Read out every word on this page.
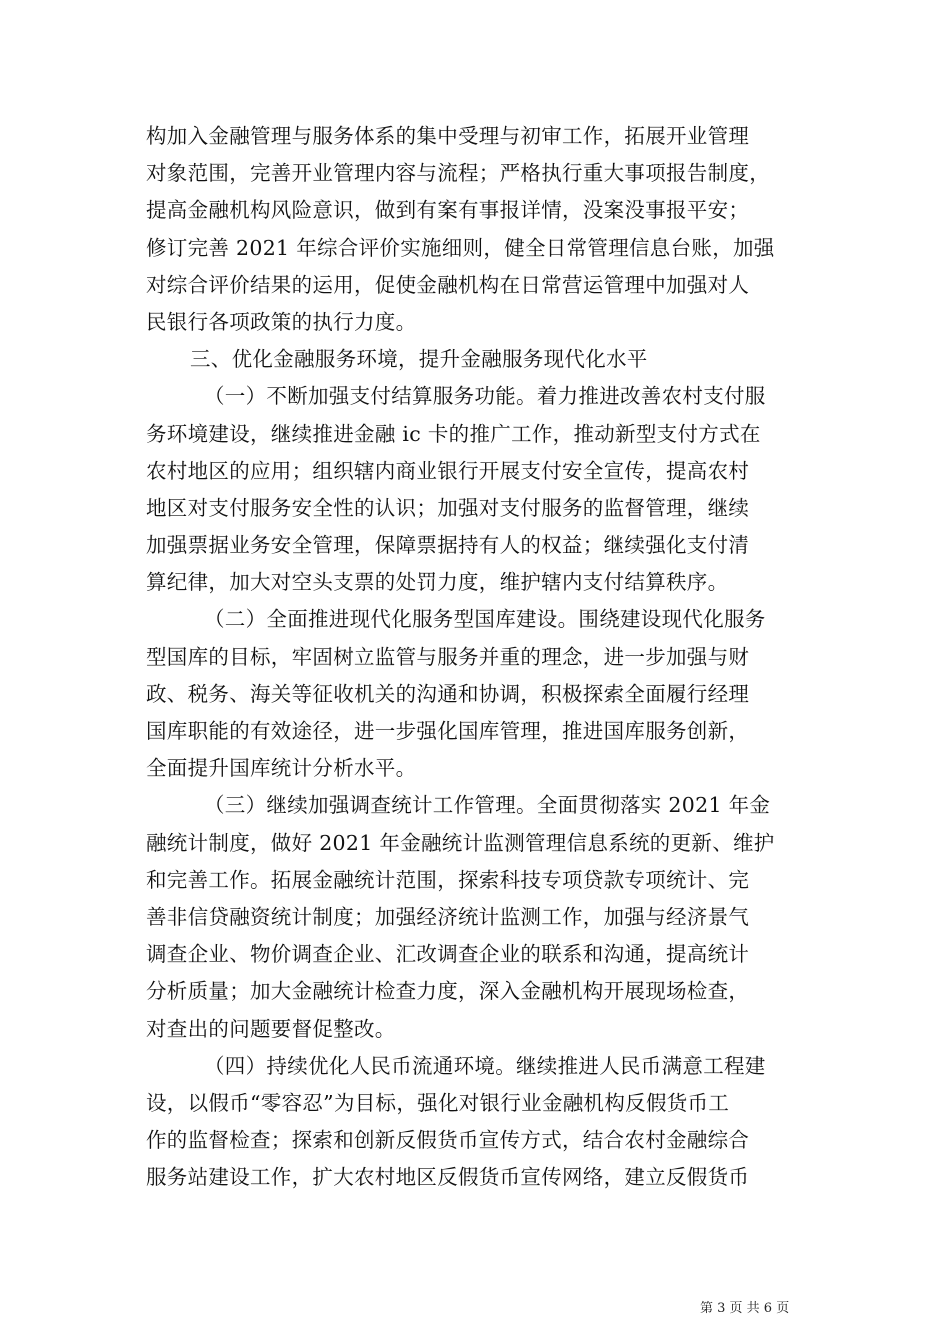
构加入金融管理与服务体系的集中受理与初审工作，拓展开业管理
对象范围，完善开业管理内容与流程；严格执行重大事项报告制度，
提高金融机构风险意识，做到有案有事报详情，没案没事报平安；
修订完善 2021 年综合评价实施细则，健全日常管理信息台账，加强
对综合评价结果的运用，促使金融机构在日常营运管理中加强对人
民银行各项政策的执行力度。
三、优化金融服务环境，提升金融服务现代化水平
（一）不断加强支付结算服务功能。着力推进改善农村支付服
务环境建设，继续推进金融 ic 卡的推广工作，推动新型支付方式在
农村地区的应用；组织辖内商业银行开展支付安全宣传，提高农村
地区对支付服务安全性的认识；加强对支付服务的监督管理，继续
加强票据业务安全管理，保障票据持有人的权益；继续强化支付清
算纪律，加大对空头支票的处罚力度，维护辖内支付结算秩序。
（二）全面推进现代化服务型国库建设。围绕建设现代化服务
型国库的目标，牢固树立监管与服务并重的理念，进一步加强与财
政、税务、海关等征收机关的沟通和协调，积极探索全面履行经理
国库职能的有效途径，进一步强化国库管理，推进国库服务创新，
全面提升国库统计分析水平。
（三）继续加强调查统计工作管理。全面贯彻落实 2021 年金
融统计制度，做好 2021 年金融统计监测管理信息系统的更新、维护
和完善工作。拓展金融统计范围，探索科技专项贷款专项统计、完
善非信贷融资统计制度；加强经济统计监测工作，加强与经济景气
调查企业、物价调查企业、汇改调查企业的联系和沟通，提高统计
分析质量；加大金融统计检查力度，深入金融机构开展现场检查，
对查出的问题要督促整改。
（四）持续优化人民币流通环境。继续推进人民币满意工程建
设，以假币“零容忍”为目标，强化对银行业金融机构反假货币工
作的监督检查；探索和创新反假货币宣传方式，结合农村金融综合
服务站建设工作，扩大农村地区反假货币宣传网络，建立反假货币
第 3 页 共 6 页
